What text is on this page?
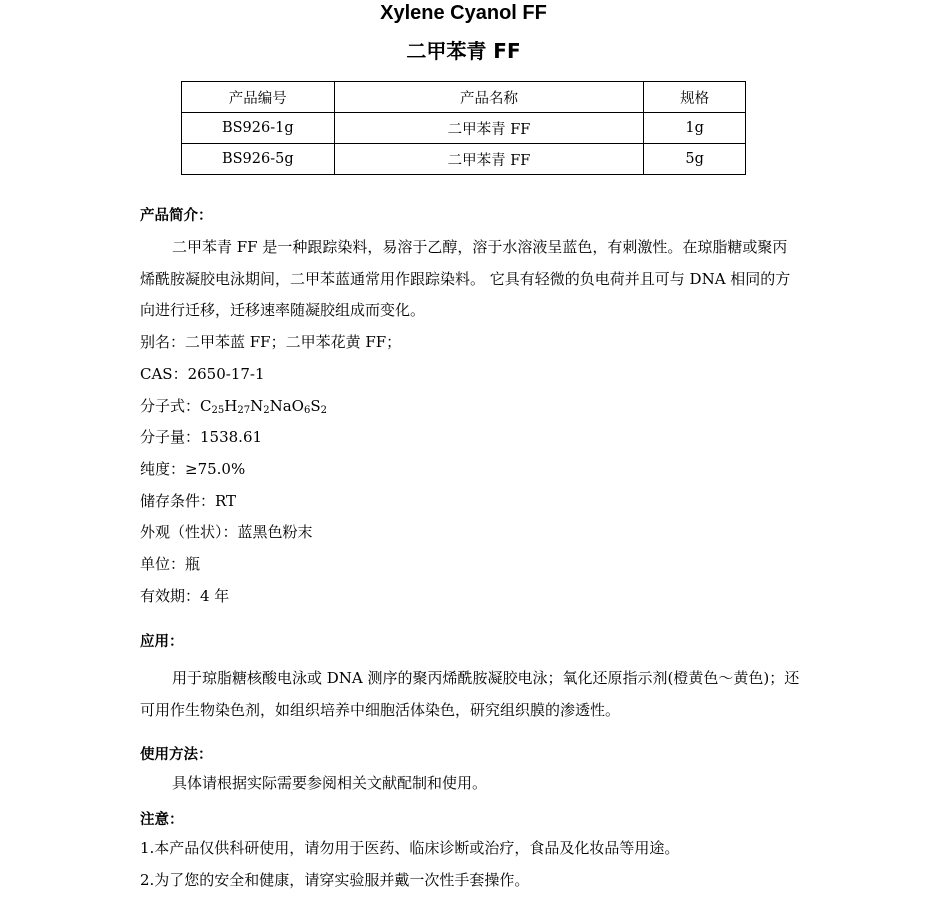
Xylene Cyanol FF
二甲苯青 FF
产品编号	产品名称	规格
BS926-1g	二甲苯青 FF	1g
BS926-5g	二甲苯青 FF	5g
产品简介：

二甲苯青 FF 是一种跟踪染料，易溶于乙醇，溶于水溶液呈蓝色，有刺激性。在琼脂糖或聚丙烯酰胺凝胶电泳期间，二甲苯蓝通常用作跟踪染料。 它具有轻微的负电荷并且可与 DNA 相同的方向进行迁移，迁移速率随凝胶组成而变化。

别名：二甲苯蓝 FF；二甲苯花黄 FF；

CAS：2650-17-1

分子式：$C_{25}H_{27}N_2NaO_6S_2$

分子量：1538.61

纯度：≥75.0%

储存条件：RT

外观（性状）：蓝黑色粉末

单位：瓶

有效期：4 年

应用：

用于琼脂糖核酸电泳或 DNA 测序的聚丙烯酰胺凝胶电泳；氧化还原指示剂(橙黄色～黄色)；还可用作生物染色剂，如组织培养中细胞活体染色，研究组织膜的渗透性。

使用方法：

具体请根据实际需要参阅相关文献配制和使用。

注意：

1.本产品仅供科研使用，请勿用于医药、临床诊断或治疗，食品及化妆品等用途。

2.为了您的安全和健康，请穿实验服并戴一次性手套操作。
